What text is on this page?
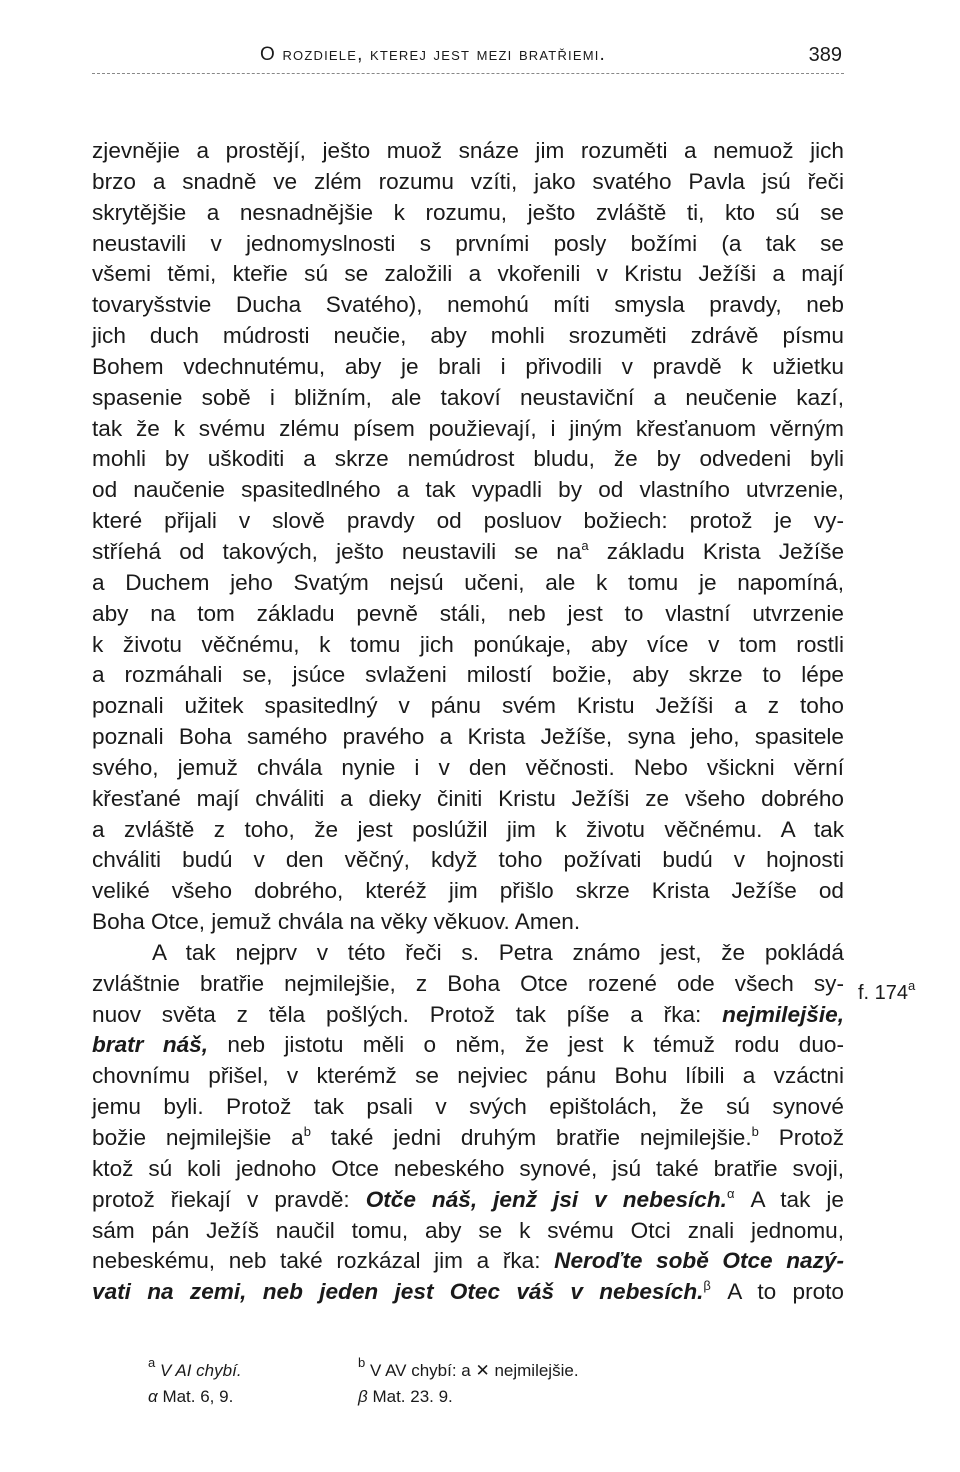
O rozdiele, kterej jest mezi bratřiemi.	389
zjevnějie a prostějí, ješto muož snáze jim rozuměti a nemuož jich
brzo a snadně ve zlém rozumu vzíti, jako svatého Pavla jsú řeči
skrytějšie a nesnadnějšie k rozumu, ješto zvláště ti, kto sú se
neustavili v jednomyslnosti s prvními posly božími (a tak se
všemi těmi, kteřie sú se založili a vkořenili v Kristu Ježíši a mají
tovaryšstvie Ducha Svatého), nemohú míti smysla pravdy, neb
jich duch múdrosti neučie, aby mohli srozuměti zdrávě písmu
Bohem vdechnutému, aby je brali i přivodili v pravdě k užietku
spasenie sobě i bližním, ale takoví neustaviční a neučenie kazí,
tak že k svému zlému písem použievají, i jiným křesťanuom věrným
mohli by uškoditi a skrze nemúdrost bludu, že by odvedeni byli
od naučenie spasitedlného a tak vypadli by od vlastního utvrzenie,
které přijali v slově pravdy od posluov božiech: protož je vy-
stříehá od takových, ješto neustavili se $na^a$ základu Krista Ježíše
a Duchem jeho Svatým nejsú učeni, ale k tomu je napomíná,
aby na tom základu pevně stáli, neb jest to vlastní utvrzenie
k životu věčnému, k tomu jich ponúkaje, aby více v tom rostli
a rozmáhali se, jsúce svlaženi milostí božie, aby skrze to lépe
poznali užitek spasitedlný v pánu svém Kristu Ježíši a z toho
poznali Boha samého pravého a Krista Ježíše, syna jeho, spasitele
svého, jemuž chvála nynie i v den věčnosti. Nebo všickni věrní
křesťané mají chváliti a dieky činiti Kristu Ježíši ze všeho dobrého
a zvláště z toho, že jest poslúžil jim k životu věčnému. A tak
chváliti budú v den věčný, když toho požívati budú v hojnosti
veliké všeho dobrého, kteréž jim přišlo skrze Krista Ježíše od
Boha Otce, jemuž chvála na věky věkuov. Amen.
A tak nejprv v této řeči s. Petra známo jest, že pokládá
zvláštnie bratřie nejmilejšie, z Boha Otce rozené ode všech sy-
nuov světa z těla pošlých. Protož tak píše a řka: nejmilejšie,
bratr náš, neb jistotu měli o něm, že jest k témuž rodu duo-
chovnímu přišel, v kterémž se nejviec pánu Bohu líbili a vzáctni
jemu byli. Protož tak psali v svých epištolách, že sú synové
božie nejmilejšie $a^b$ také jedni druhým bratřie nejmilejšie.$^b$ Protož
ktož sú koli jednoho Otce nebeského synové, jsú také bratřie svoji,
protož řiekají v pravdě: Otče náš, jenž jsi v nebesích.$^\alpha$ A tak je
sám pán Ježíš naučil tomu, aby se k svému Otci znali jednomu,
nebeskému, neb také rozkázal jim a řka: Neroďte sobě Otce nazý-
vati na zemi, neb jeden jest Otec váš v nebesích.$^\beta$ A to proto
f. 174$^a$
$^a$ V AI chybí.	$^b$ V AV chybí: a ✕ nejmilejšie.
α Mat. 6, 9.	β Mat. 23. 9.
